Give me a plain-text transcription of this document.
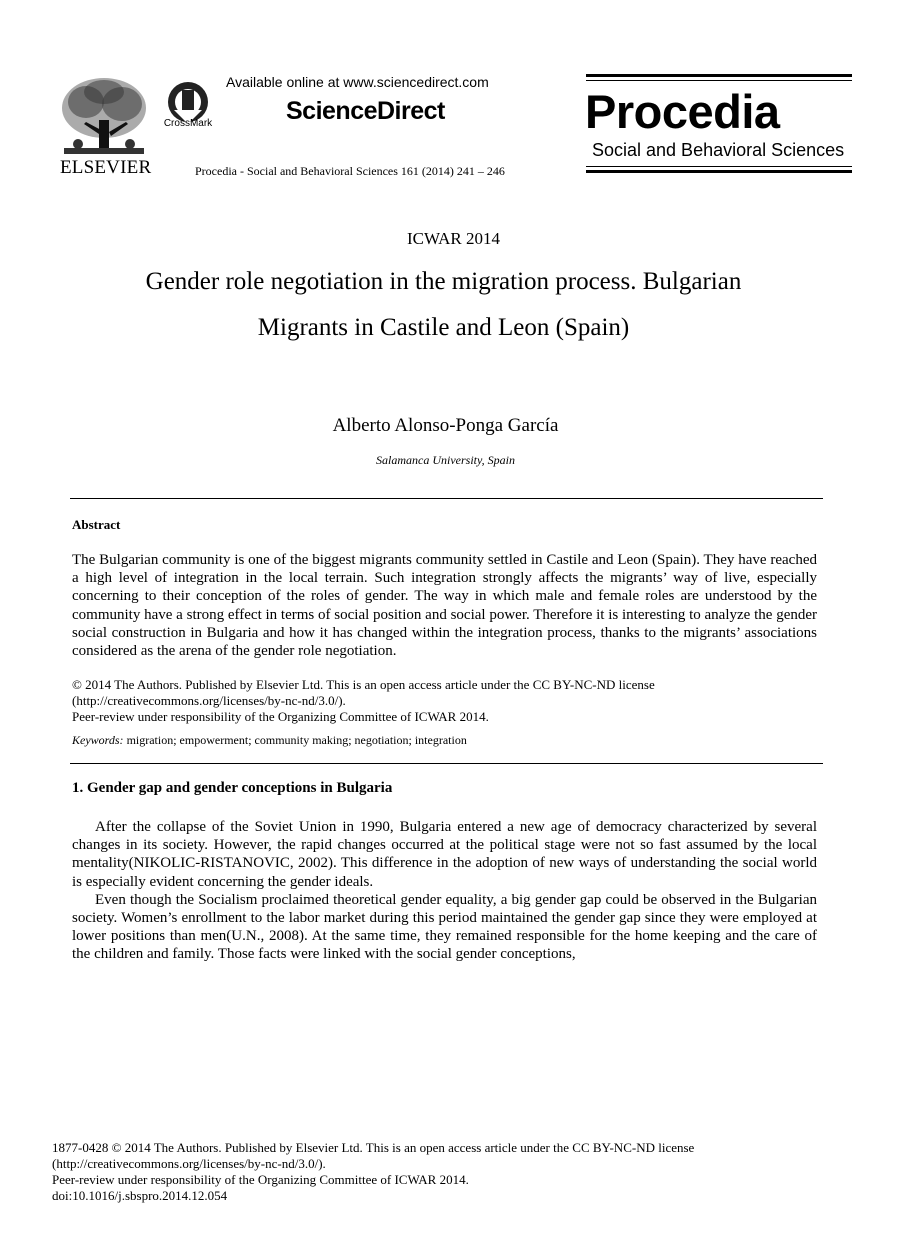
ELSEVIER
CrossMark
Available online at www.sciencedirect.com
ScienceDirect
Procedia - Social and Behavioral Sciences 161 (2014) 241 – 246
Procedia
Social and Behavioral Sciences
ICWAR 2014
Gender role negotiation in the migration process. Bulgarian
Migrants in Castile and Leon (Spain)
Alberto Alonso-Ponga García
Salamanca University, Spain
Abstract
The Bulgarian community is one of the biggest migrants community settled in Castile and Leon (Spain). They have reached a high level of integration in the local terrain. Such integration strongly affects the migrants’ way of live, especially concerning to their conception of the roles of gender. The way in which male and female roles are understood by the community have a strong effect in terms of social position and social power. Therefore it is interesting to analyze the gender social construction in Bulgaria and how it has changed within the integration process, thanks to the migrants’ associations considered as the arena of the gender role negotiation.
© 2014 The Authors. Published by Elsevier Ltd. This is an open access article under the CC BY-NC-ND license
(http://creativecommons.org/licenses/by-nc-nd/3.0/).
Peer-review under responsibility of the Organizing Committee of ICWAR 2014.
Keywords: migration; empowerment; community making; negotiation; integration
1. Gender gap and gender conceptions in Bulgaria

After the collapse of the Soviet Union in 1990, Bulgaria entered a new age of democracy characterized by several changes in its society. However, the rapid changes occurred at the political stage were not so fast assumed by the local mentality(NIKOLIC-RISTANOVIC, 2002). This difference in the adoption of new ways of understanding the social world is especially evident concerning the gender ideals.

Even though the Socialism proclaimed theoretical gender equality, a big gender gap could be observed in the Bulgarian society. Women’s enrollment to the labor market during this period maintained the gender gap since they were employed at lower positions than men(U.N., 2008). At the same time, they remained responsible for the home keeping and the care of the children and family. Those facts were linked with the social gender conceptions,

1877-0428 © 2014 The Authors. Published by Elsevier Ltd. This is an open access article under the CC BY-NC-ND license
(http://creativecommons.org/licenses/by-nc-nd/3.0/).
Peer-review under responsibility of the Organizing Committee of ICWAR 2014.
doi:10.1016/j.sbspro.2014.12.054
